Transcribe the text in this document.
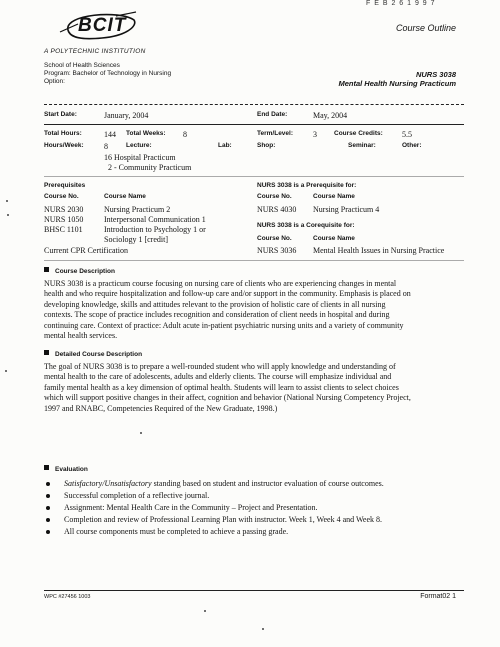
F E B 2 6 1 9 9 7
BCIT	Course Outline
A POLYTECHNIC INSTITUTION
School of Health Sciences
Program: Bachelor of Technology in Nursing
Option:
NURS 3038
Mental Health Nursing Practicum
Start Date:	January, 2004	End Date:	May, 2004
Total Hours:	144 Total Weeks: 8	Term/Level: 3	Course Credits: 5.5
Hours/Week:	8	Lecture:	Lab:	Shop:	Seminar:	Other:
16 Hospital Practicum
2 - Community Practicum
Prerequisites
Course No.	Course Name
NURS 2030	Nursing Practicum 2
NURS 1050	Interpersonal Communication 1
BHSC 1101	Introduction to Psychology 1 or
Sociology 1 [credit]
Current CPR Certification
NURS 3038 is a Prerequisite for:
Course No.	Course Name
NURS 4030 Nursing Practicum 4
NURS 3038 is a Corequisite for:
Course No.	Course Name
NURS 3036 Mental Health Issues in Nursing Practice
Course Description
NURS 3038 is a practicum course focusing on nursing care of clients who are experiencing changes in mental
health and who require hospitalization and follow-up care and/or support in the community. Emphasis is placed on
developing knowledge, skills and attitudes relevant to the provision of holistic care of clients in all nursing
contexts. The scope of practice includes recognition and consideration of client needs in hospital and during
continuing care. Context of practice: Adult acute in-patient psychiatric nursing units and a variety of community
mental health services.
Detailed Course Description
The goal of NURS 3038 is to prepare a well-rounded student who will apply knowledge and understanding of
mental health to the care of adolescents, adults and elderly clients. The course will emphasize individual and
family mental health as a key dimension of optimal health. Students will learn to assist clients to select choices
which will support positive changes in their affect, cognition and behavior (National Nursing Competency Project,
1997 and RNABC, Competencies Required of the New Graduate, 1998.)
Evaluation
Satisfactory/Unsatisfactory standing based on student and instructor evaluation of course outcomes.
Successful completion of a reflective journal.
Assignment: Mental Health Care in the Community – Project and Presentation.
Completion and review of Professional Learning Plan with instructor. Week 1, Week 4 and Week 8.
All course components must be completed to achieve a passing grade.
WPC #27456 1003	Format02 1
